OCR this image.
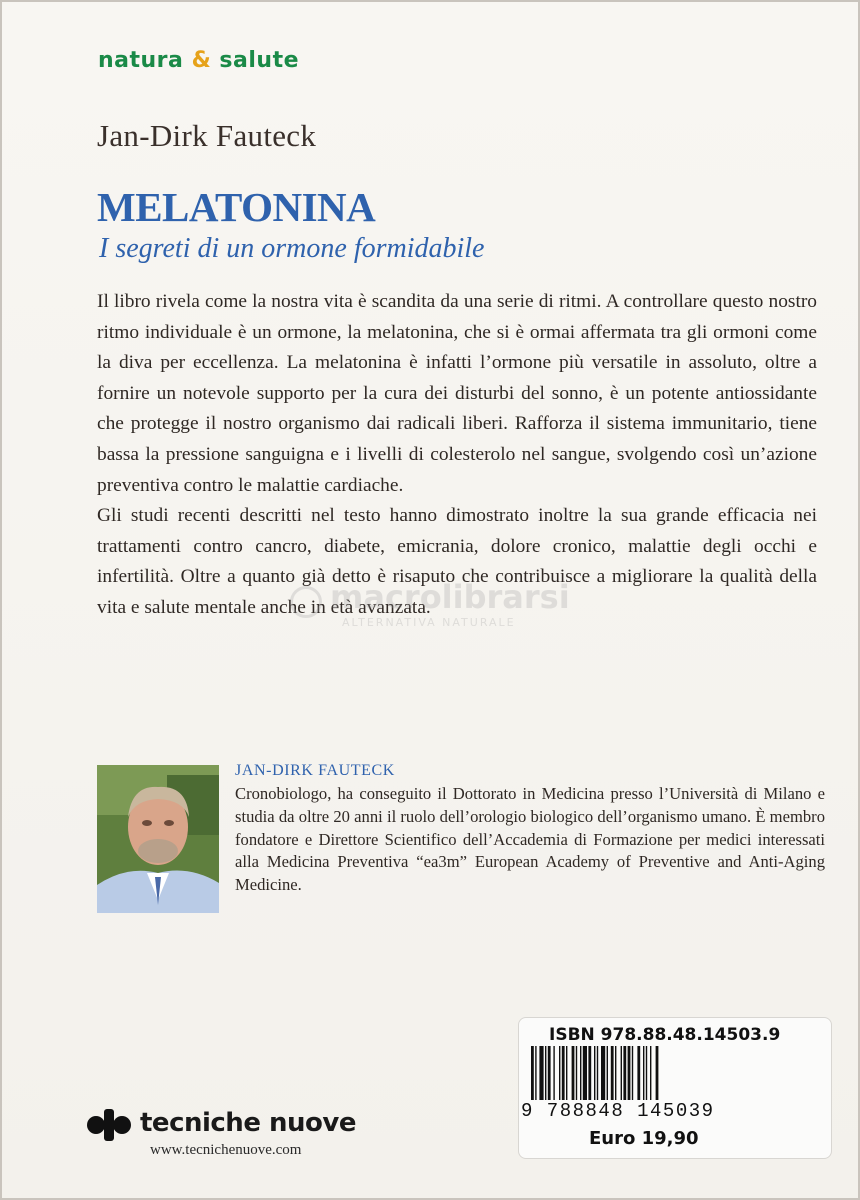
natura & salute
Jan-Dirk Fauteck
MELATONINA
I segreti di un ormone formidabile

Il libro rivela come la nostra vita è scandita da una serie di ritmi. A controllare questo nostro ritmo individuale è un ormone, la melatonina, che si è ormai affermata tra gli ormoni come la diva per eccellenza. La melatonina è infatti l’ormone più versatile in assoluto, oltre a fornire un notevole supporto per la cura dei disturbi del sonno, è un potente antiossidante che protegge il nostro organismo dai radicali liberi. Rafforza il sistema immunitario, tiene bassa la pressione sanguigna e i livelli di colesterolo nel sangue, svolgendo così un’azione preventiva contro le malattie cardiache.

Gli studi recenti descritti nel testo hanno dimostrato inoltre la sua grande efficacia nei trattamenti contro cancro, diabete, emicrania, dolore cronico, malattie degli occhi e infertilità. Oltre a quanto già detto è risaputo che contribuisce a migliorare la qualità della vita e salute mentale anche in età avanzata.

macrolibrarsi
ALTERNATIVA NATURALE
JAN-DIRK FAUTECK
Cronobiologo, ha conseguito il Dottorato in Medicina presso l’Università di Milano e studia da oltre 20 anni il ruolo dell’orologio biologico dell’organismo umano. È membro fondatore e Direttore Scientifico dell’Accademia di Formazione per medici interessati alla Medicina Preventiva “ea3m” European Academy of Preventive and Anti-Aging Medicine.
ISBN 978.88.48.14503.9
9 788848 145039
Euro 19,90
tecniche nuove
www.tecnichenuove.com
